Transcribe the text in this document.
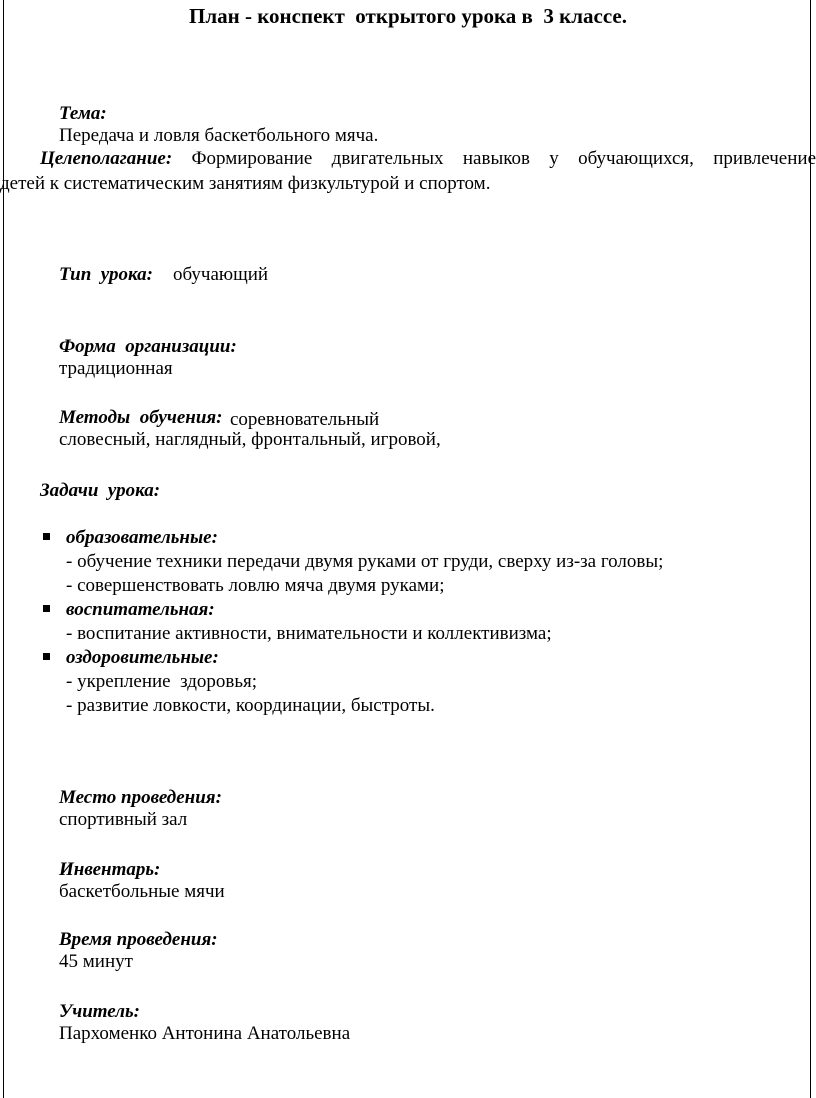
План - конспект  открытого урока в  3 классе.

Тема:
Передача и ловля баскетбольного мяча.

Целеполагание: Формирование двигательных навыков у обучающихся, привлечение
детей к систематическим занятиям физкультурой и спортом.

Тип  урока: обучающий

Форма  организации:
традиционная

Методы  обучения:
словесный, наглядный, фронтальный, игровой,

соревновательный
Задачи  урока:
образовательные:
- обучение техники передачи двумя руками от груди, сверху из-за головы;
- совершенствовать ловлю мяча двумя руками;
воспитательная:
- воспитание активности, внимательности и коллективизма;
оздоровительные:
- укрепление  здоровья;
- развитие ловкости, координации, быстроты.

Место проведения:
спортивный зал

Инвентарь:
баскетбольные мячи

Время проведения:
45 минут

Учитель:
Пархоменко Антонина Анатольевна
